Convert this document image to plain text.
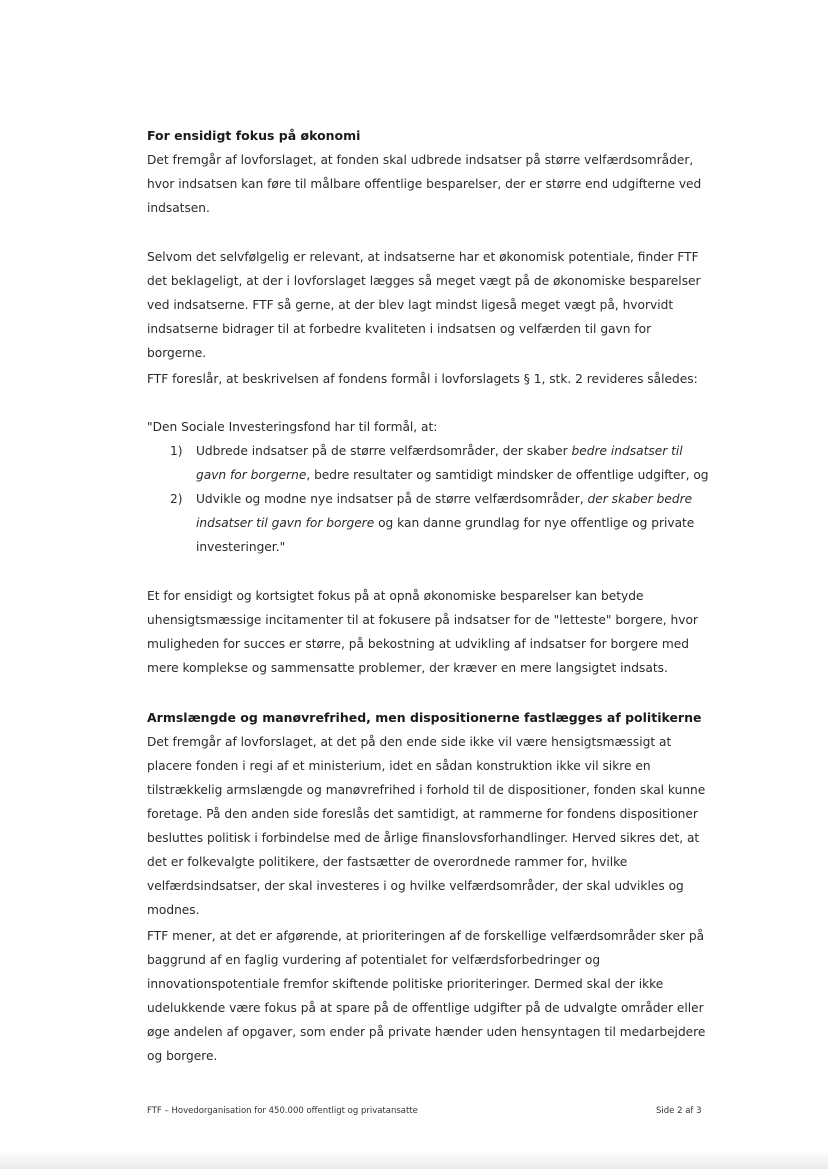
For ensidigt fokus på økonomi

Det fremgår af lovforslaget, at fonden skal udbrede indsatser på større velfærdsområder, hvor indsatsen kan føre til målbare offentlige besparelser, der er større end udgifterne ved indsatsen.

Selvom det selvfølgelig er relevant, at indsatserne har et økonomisk potentiale, finder FTF det beklageligt, at der i lovforslaget lægges så meget vægt på de økonomiske besparelser ved indsatserne. FTF så gerne, at der blev lagt mindst ligeså meget vægt på, hvorvidt indsatserne bidrager til at forbedre kvaliteten i indsatsen og velfærden til gavn for borgerne.

FTF foreslår, at beskrivelsen af fondens formål i lovforslagets § 1, stk. 2 revideres således:

"Den Sociale Investeringsfond har til formål, at:

1) Udbrede indsatser på de større velfærdsområder, der skaber bedre indsatser til gavn for borgerne, bedre resultater og samtidigt mindsker de offentlige udgifter, og
2) Udvikle og modne nye indsatser på de større velfærdsområder, der skaber bedre indsatser til gavn for borgere og kan danne grundlag for nye offentlige og private investeringer."

Et for ensidigt og kortsigtet fokus på at opnå økonomiske besparelser kan betyde uhensigtsmæssige incitamenter til at fokusere på indsatser for de "letteste" borgere, hvor muligheden for succes er større, på bekostning at udvikling af indsatser for borgere med mere komplekse og sammensatte problemer, der kræver en mere langsigtet indsats.

Armslængde og manøvrefrihed, men dispositionerne fastlægges af politikerne

Det fremgår af lovforslaget, at det på den ende side ikke vil være hensigtsmæssigt at placere fonden i regi af et ministerium, idet en sådan konstruktion ikke vil sikre en tilstrækkelig armslængde og manøvrefrihed i forhold til de dispositioner, fonden skal kunne foretage. På den anden side foreslås det samtidigt, at rammerne for fondens dispositioner besluttes politisk i forbindelse med de årlige finanslovsforhandlinger. Herved sikres det, at det er folkevalgte politikere, der fastsætter de overordnede rammer for, hvilke velfærdsindsatser, der skal investeres i og hvilke velfærdsområder, der skal udvikles og modnes.

FTF mener, at det er afgørende, at prioriteringen af de forskellige velfærdsområder sker på baggrund af en faglig vurdering af potentialet for velfærdsforbedringer og innovationspotentiale fremfor skiftende politiske prioriteringer. Dermed skal der ikke udelukkende være fokus på at spare på de offentlige udgifter på de udvalgte områder eller øge andelen af opgaver, som ender på private hænder uden hensyntagen til medarbejdere og borgere.

FTF – Hovedorganisation for 450.000 offentligt og privatansatte	Side 2 af 3
